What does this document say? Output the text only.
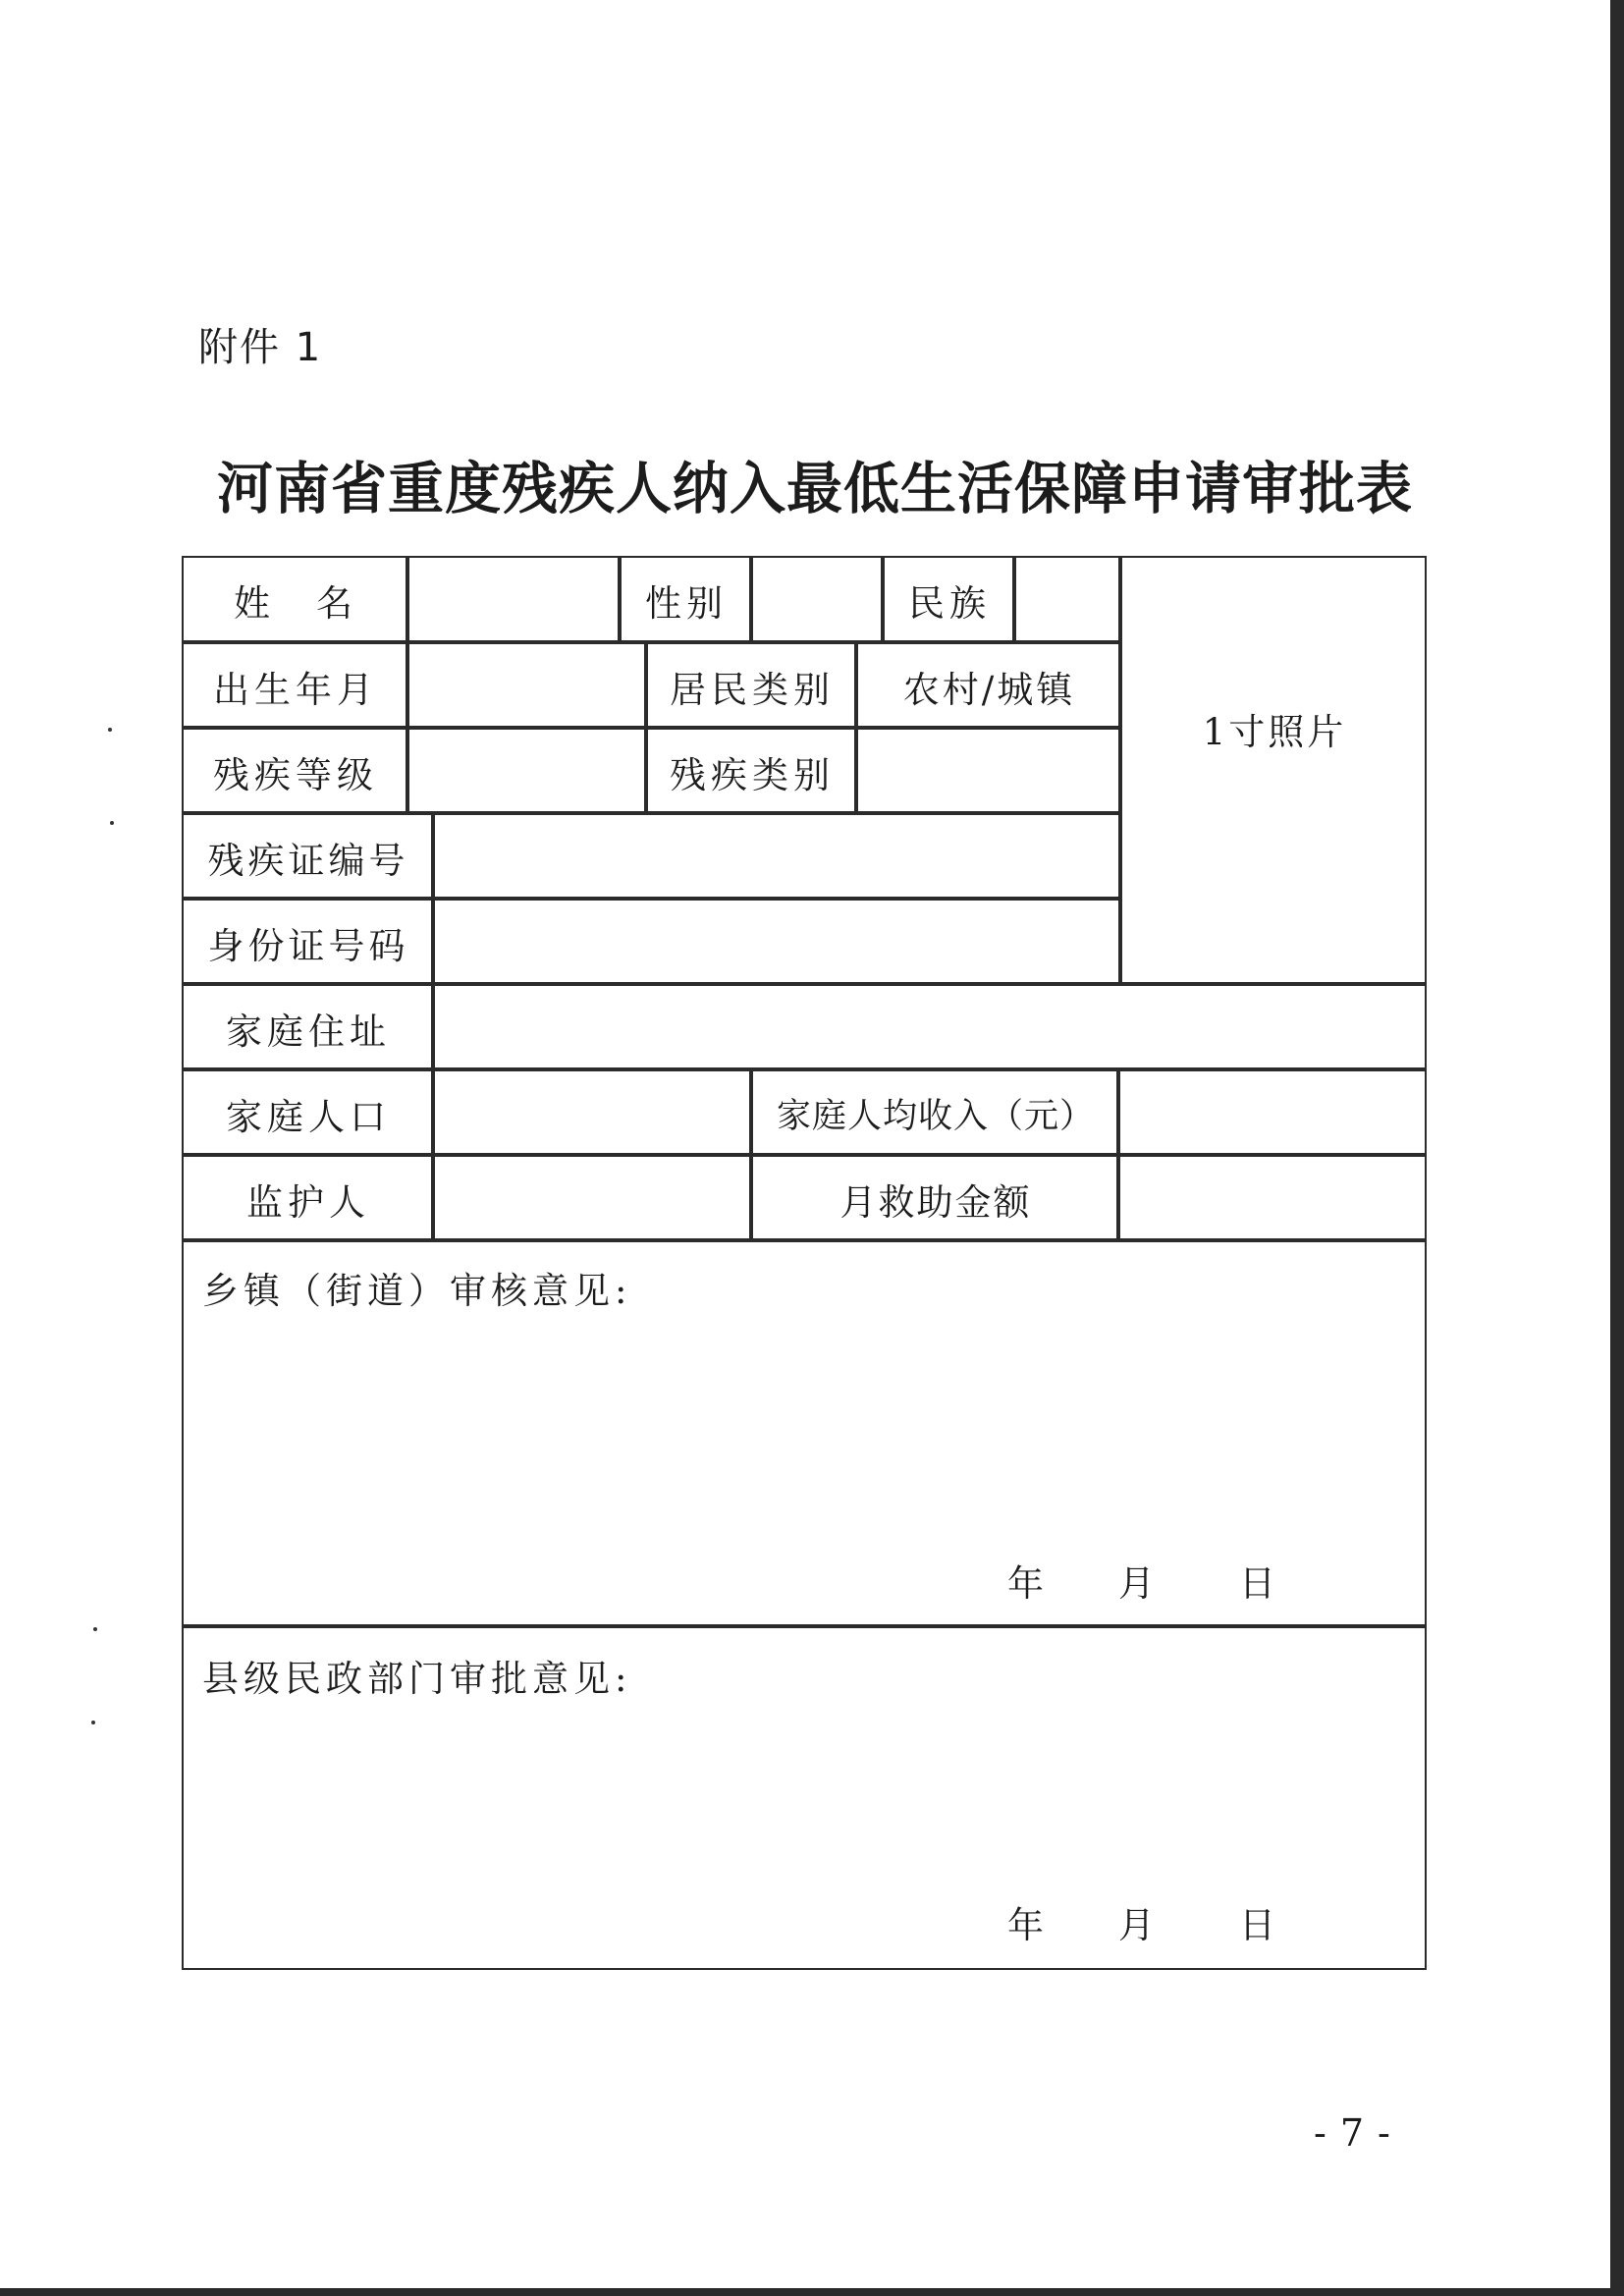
附件 1
河南省重度残疾人纳入最低生活保障申请审批表
姓　名	性别	民族
1寸照片
出生年月	居民类别	农村/城镇
残疾等级	残疾类别
残疾证编号
身份证号码
家庭住址
家庭人口	家庭人均收入（元）
监护人	月救助金额
乡镇（街道）审核意见:
年 月 日
县级民政部门审批意见:
年 月 日
-7-
